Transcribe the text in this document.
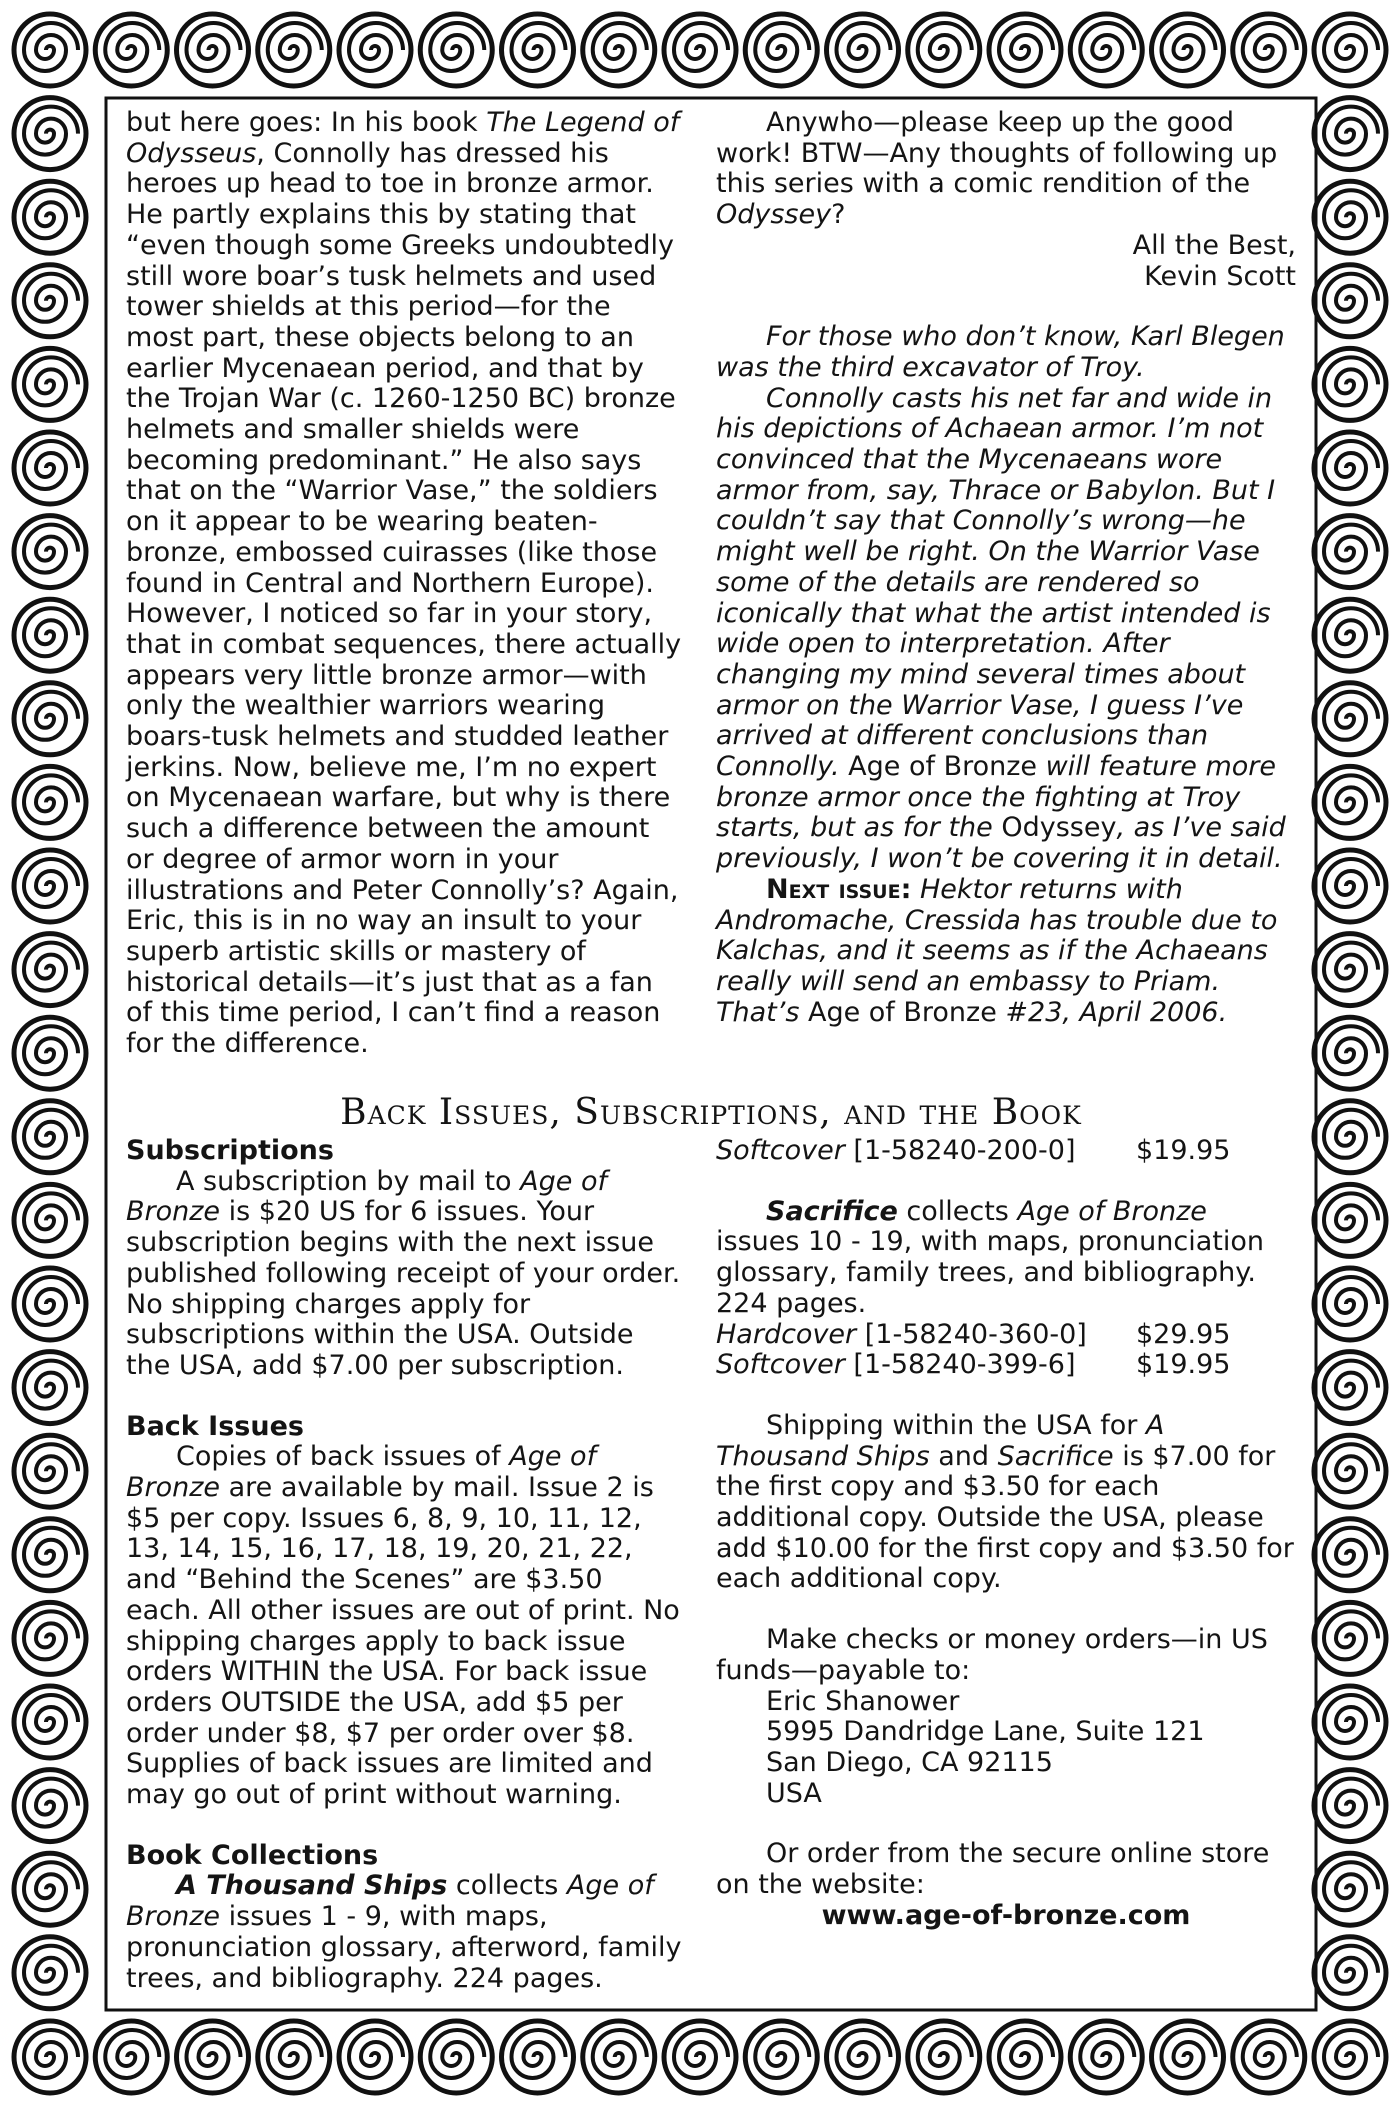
but here goes: In his book The Legend of Odysseus, Connolly has dressed his heroes up head to toe in bronze armor. He partly explains this by stating that “even though some Greeks undoubtedly still wore boar’s tusk helmets and used tower shields at this period—for the most part, these objects belong to an earlier Mycenaean period, and that by the Trojan War (c. 1260-1250 BC) bronze helmets and smaller shields were becoming predominant.” He also says that on the “Warrior Vase,” the soldiers on it appear to be wearing beaten-bronze, embossed cuirasses (like those found in Central and Northern Europe). However, I noticed so far in your story, that in combat sequences, there actually appears very little bronze armor—with only the wealthier warriors wearing boars-tusk helmets and studded leather jerkins. Now, believe me, I’m no expert on Mycenaean warfare, but why is there such a difference between the amount or degree of armor worn in your illustrations and Peter Connolly’s? Again, Eric, this is in no way an insult to your superb artistic skills or mastery of historical details—it’s just that as a fan of this time period, I can’t find a reason for the difference.

Anywho—please keep up the good work! BTW—Any thoughts of following up this series with a comic rendition of the Odyssey?

All the Best,

Kevin Scott

For those who don’t know, Karl Blegen was the third excavator of Troy.

Connolly casts his net far and wide in his depictions of Achaean armor. I’m not convinced that the Mycenaeans wore armor from, say, Thrace or Babylon. But I couldn’t say that Connolly’s wrong—he might well be right. On the Warrior Vase some of the details are rendered so iconically that what the artist intended is wide open to interpretation. After changing my mind several times about armor on the Warrior Vase, I guess I’ve arrived at different conclusions than Connolly. Age of Bronze will feature more bronze armor once the fighting at Troy starts, but as for the Odyssey, as I’ve said previously, I won’t be covering it in detail.

Next issue: Hektor returns with Andromache, Cressida has trouble due to Kalchas, and it seems as if the Achaeans really will send an embassy to Priam. That’s Age of Bronze #23, April 2006.

Back Issues, Subscriptions, and the Book

Subscriptions

A subscription by mail to Age of Bronze is $20 US for 6 issues. Your subscription begins with the next issue published following receipt of your order. No shipping charges apply for subscriptions within the USA. Outside the USA, add $7.00 per subscription.

Back Issues

Copies of back issues of Age of Bronze are available by mail. Issue 2 is $5 per copy. Issues 6, 8, 9, 10, 11, 12, 13, 14, 15, 16, 17, 18, 19, 20, 21, 22, and “Behind the Scenes” are $3.50 each. All other issues are out of print. No shipping charges apply to back issue orders WITHIN the USA. For back issue orders OUTSIDE the USA, add $5 per order under $8, $7 per order over $8. Supplies of back issues are limited and may go out of print without warning.

Book Collections

A Thousand Ships collects Age of Bronze issues 1 - 9, with maps, pronunciation glossary, afterword, family trees, and bibliography. 224 pages.

Softcover [1-58240-200-0]	$19.95

Sacrifice collects Age of Bronze issues 10 - 19, with maps, pronunciation glossary, family trees, and bibliography. 224 pages.

Hardcover [1-58240-360-0]	$29.95
Softcover [1-58240-399-6]	$19.95

Shipping within the USA for A Thousand Ships and Sacrifice is $7.00 for the first copy and $3.50 for each additional copy. Outside the USA, please add $10.00 for the first copy and $3.50 for each additional copy.

Make checks or money orders—in US funds—payable to:

Eric Shanower

5995 Dandridge Lane, Suite 121

San Diego, CA 92115

USA

Or order from the secure online store on the website:

www.age-of-bronze.com
